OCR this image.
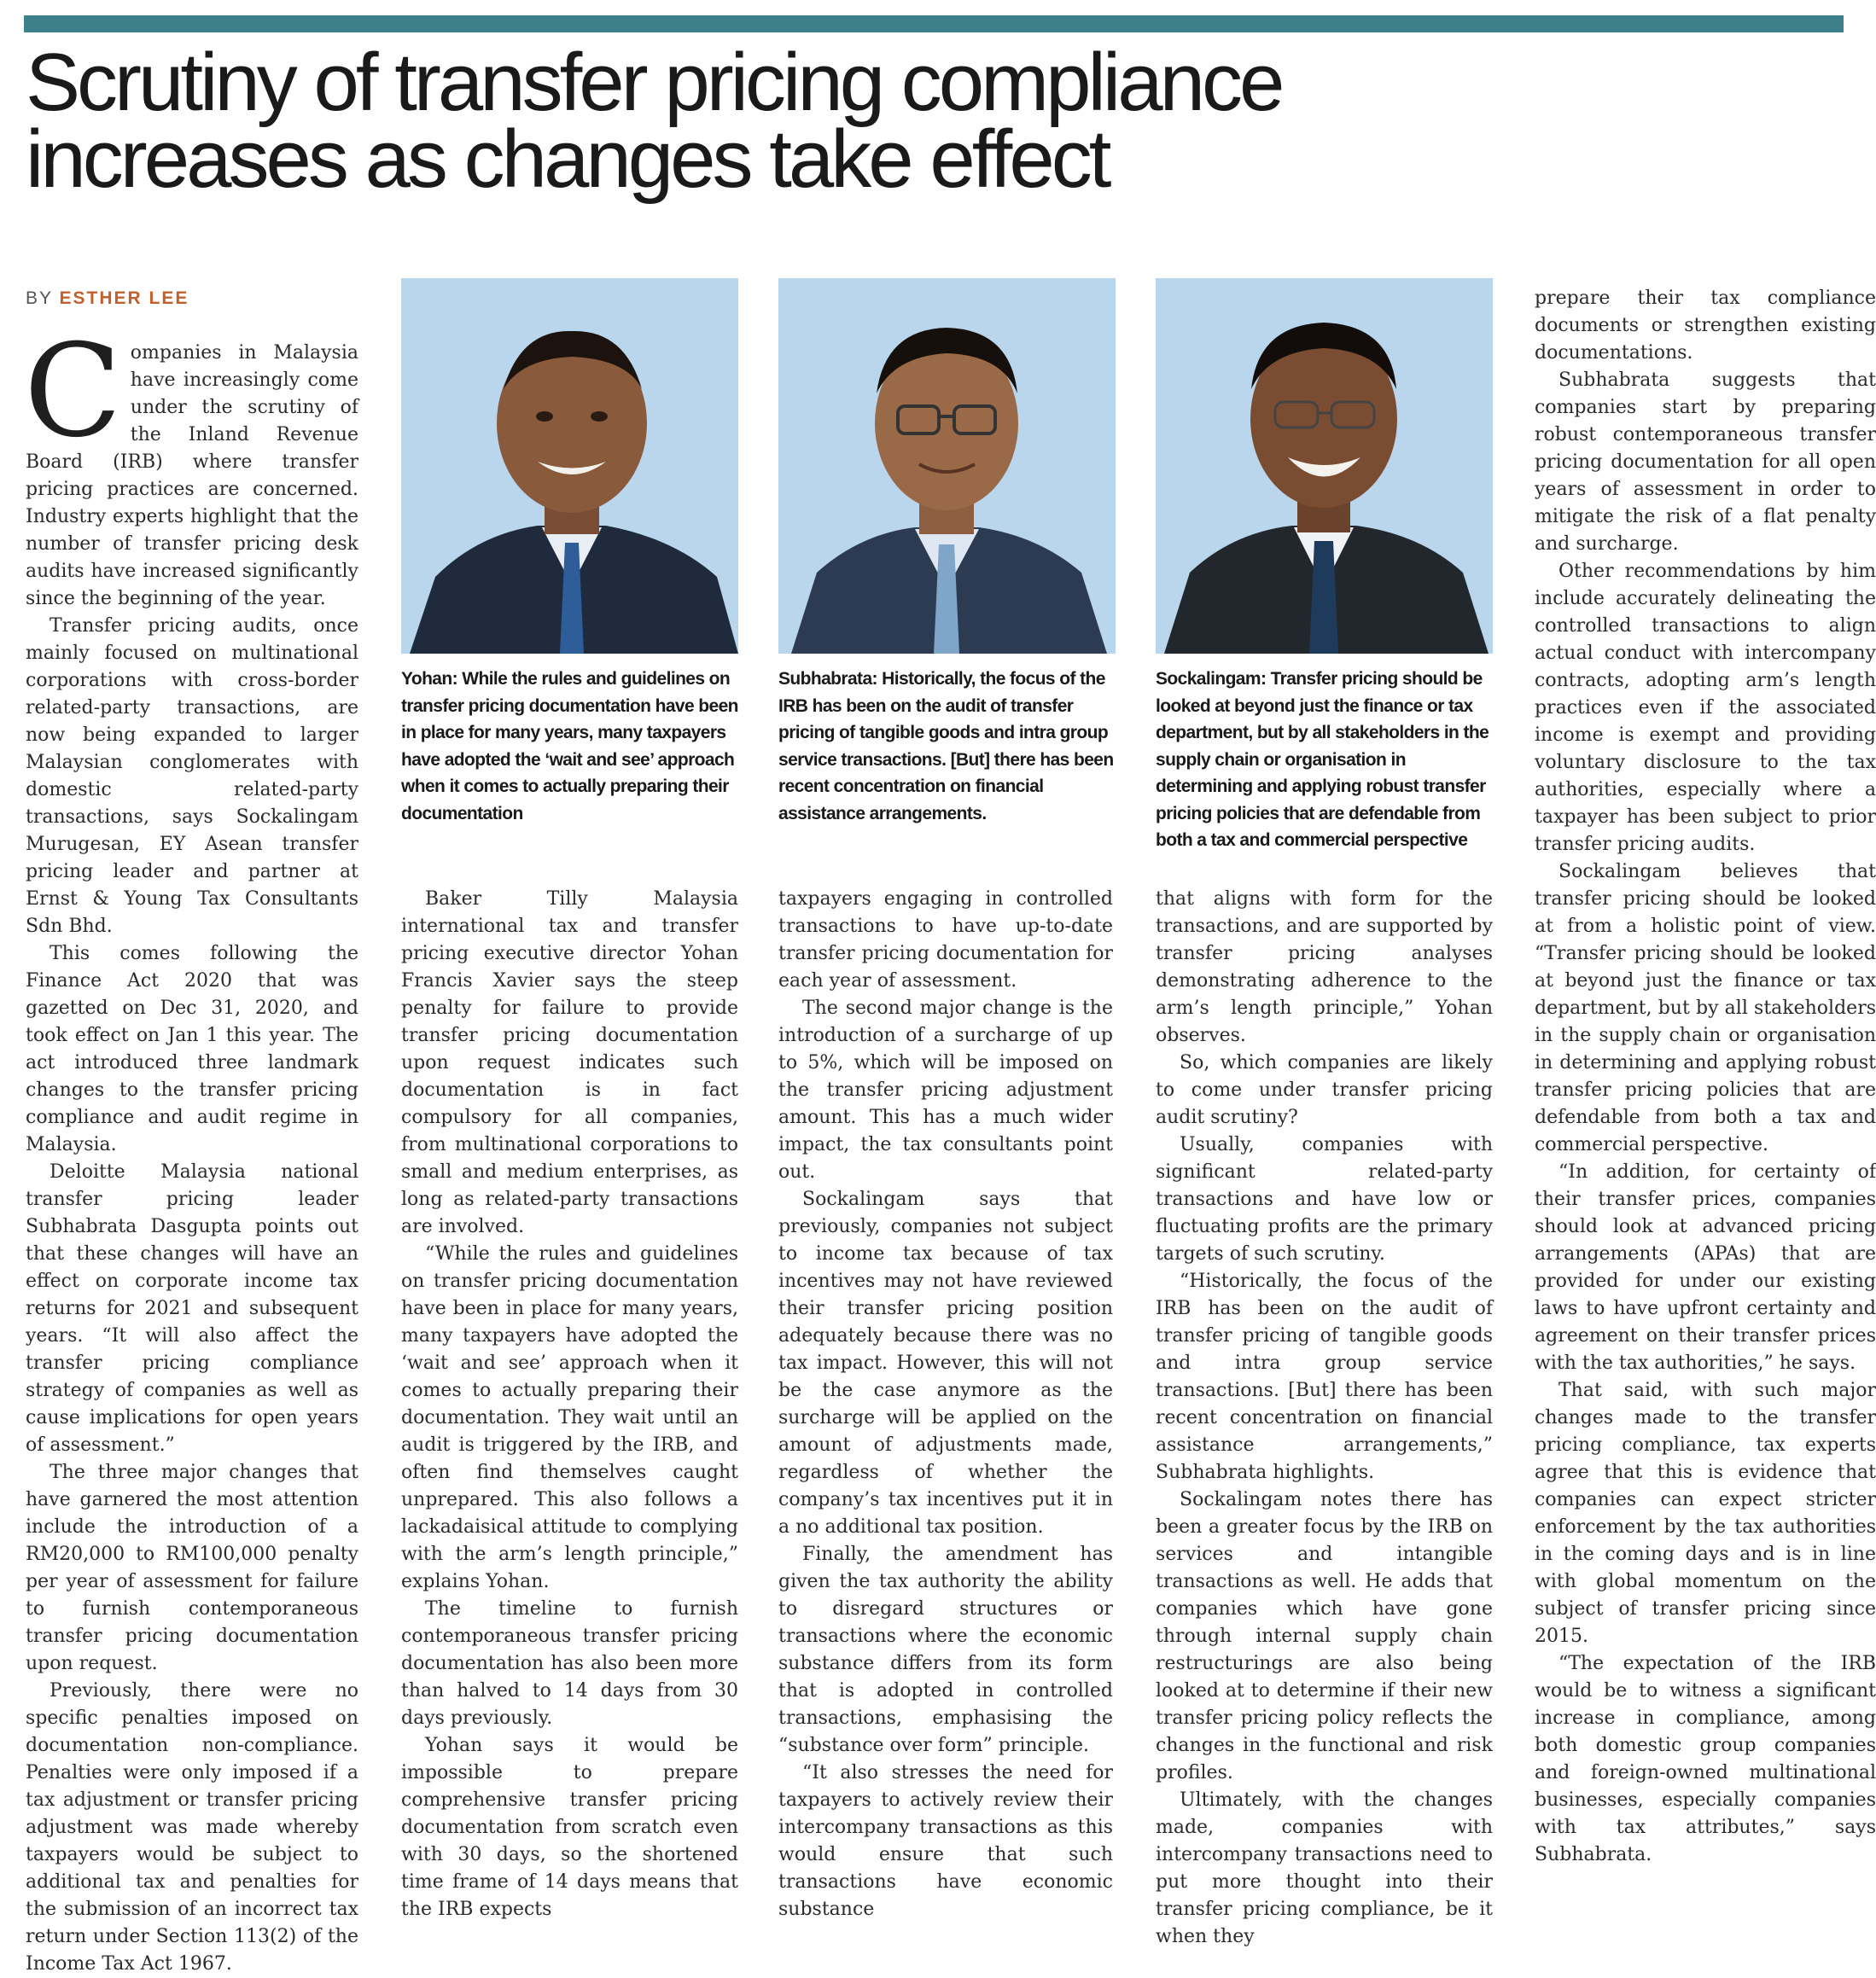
Scrutiny of transfer pricing compliance
increases as changes take effect
BY ESTHER LEE

Companies in Malaysia have increasingly come under the scrutiny of the Inland Revenue Board (IRB) where transfer pricing practices are concerned. Industry experts highlight that the number of transfer pricing desk audits have increased significantly since the beginning of the year.

Transfer pricing audits, once mainly focused on multinational corporations with cross-border related-party transactions, are now being expanded to larger Malaysian conglomerates with domestic related-party transactions, says Sockalingam Murugesan, EY Asean transfer pricing leader and partner at Ernst & Young Tax Consultants Sdn Bhd.

This comes following the Finance Act 2020 that was gazetted on Dec 31, 2020, and took effect on Jan 1 this year. The act introduced three landmark changes to the transfer pricing compliance and audit regime in Malaysia.

Deloitte Malaysia national transfer pricing leader Subhabrata Dasgupta points out that these changes will have an effect on corporate income tax returns for 2021 and subsequent years. “It will also affect the transfer pricing compliance strategy of companies as well as cause implications for open years of assessment.”

The three major changes that have garnered the most attention include the introduction of a RM20,000 to RM100,000 penalty per year of assessment for failure to furnish contemporaneous transfer pricing documentation upon request.

Previously, there were no specific penalties imposed on documentation non-compliance. Penalties were only imposed if a tax adjustment or transfer pricing adjustment was made whereby taxpayers would be subject to additional tax and penalties for the submission of an incorrect tax return under Section 113(2) of the Income Tax Act 1967.

Yohan: While the rules and guidelines on transfer pricing documentation have been in place for many years, many taxpayers have adopted the ‘wait and see’ approach when it comes to actually preparing their documentation

Subhabrata: Historically, the focus of the IRB has been on the audit of transfer pricing of tangible goods and intra group service transactions. [But] there has been recent concentration on financial assistance arrangements.

Sockalingam: Transfer pricing should be looked at beyond just the finance or tax department, but by all stakeholders in the supply chain or organisation in determining and applying robust transfer pricing policies that are defendable from both a tax and commercial perspective

Baker Tilly Malaysia international tax and transfer pricing executive director Yohan Francis Xavier says the steep penalty for failure to provide transfer pricing documentation upon request indicates such documentation is in fact compulsory for all companies, from multinational corporations to small and medium enterprises, as long as related-party transactions are involved.

“While the rules and guidelines on transfer pricing documentation have been in place for many years, many taxpayers have adopted the ‘wait and see’ approach when it comes to actually preparing their documentation. They wait until an audit is triggered by the IRB, and often find themselves caught unprepared. This also follows a lackadaisical attitude to complying with the arm’s length principle,” explains Yohan.

The timeline to furnish contemporaneous transfer pricing documentation has also been more than halved to 14 days from 30 days previously.

Yohan says it would be impossible to prepare comprehensive transfer pricing documentation from scratch even with 30 days, so the shortened time frame of 14 days means that the IRB expects

taxpayers engaging in controlled transactions to have up-to-date transfer pricing documentation for each year of assessment.

The second major change is the introduction of a surcharge of up to 5%, which will be imposed on the transfer pricing adjustment amount. This has a much wider impact, the tax consultants point out.

Sockalingam says that previously, companies not subject to income tax because of tax incentives may not have reviewed their transfer pricing position adequately because there was no tax impact. However, this will not be the case anymore as the surcharge will be applied on the amount of adjustments made, regardless of whether the company’s tax incentives put it in a no additional tax position.

Finally, the amendment has given the tax authority the ability to disregard structures or transactions where the economic substance differs from its form that is adopted in controlled transactions, emphasising the “substance over form” principle.

“It also stresses the need for taxpayers to actively review their intercompany transactions as this would ensure that such transactions have economic substance

that aligns with form for the transactions, and are supported by transfer pricing analyses demonstrating adherence to the arm’s length principle,” Yohan observes.

So, which companies are likely to come under transfer pricing audit scrutiny?

Usually, companies with significant related-party transactions and have low or fluctuating profits are the primary targets of such scrutiny.

“Historically, the focus of the IRB has been on the audit of transfer pricing of tangible goods and intra group service transactions. [But] there has been recent concentration on financial assistance arrangements,” Subhabrata highlights.

Sockalingam notes there has been a greater focus by the IRB on services and intangible transactions as well. He adds that companies which have gone through internal supply chain restructurings are also being looked at to determine if their new transfer pricing policy reflects the changes in the functional and risk profiles.

Ultimately, with the changes made, companies with intercompany transactions need to put more thought into their transfer pricing compliance, be it when they

prepare their tax compliance documents or strengthen existing documentations.

Subhabrata suggests that companies start by preparing robust contemporaneous transfer pricing documentation for all open years of assessment in order to mitigate the risk of a flat penalty and surcharge.

Other recommendations by him include accurately delineating the controlled transactions to align actual conduct with intercompany contracts, adopting arm’s length practices even if the associated income is exempt and providing voluntary disclosure to the tax authorities, especially where a taxpayer has been subject to prior transfer pricing audits.

Sockalingam believes that transfer pricing should be looked at from a holistic point of view. “Transfer pricing should be looked at beyond just the finance or tax department, but by all stakeholders in the supply chain or organisation in determining and applying robust transfer pricing policies that are defendable from both a tax and commercial perspective.

“In addition, for certainty of their transfer prices, companies should look at advanced pricing arrangements (APAs) that are provided for under our existing laws to have upfront certainty and agreement on their transfer prices with the tax authorities,” he says.

That said, with such major changes made to the transfer pricing compliance, tax experts agree that this is evidence that companies can expect stricter enforcement by the tax authorities in the coming days and is in line with global momentum on the subject of transfer pricing since 2015.

“The expectation of the IRB would be to witness a significant increase in compliance, among both domestic group companies and foreign-owned multinational businesses, especially companies with tax attributes,” says Subhabrata.
